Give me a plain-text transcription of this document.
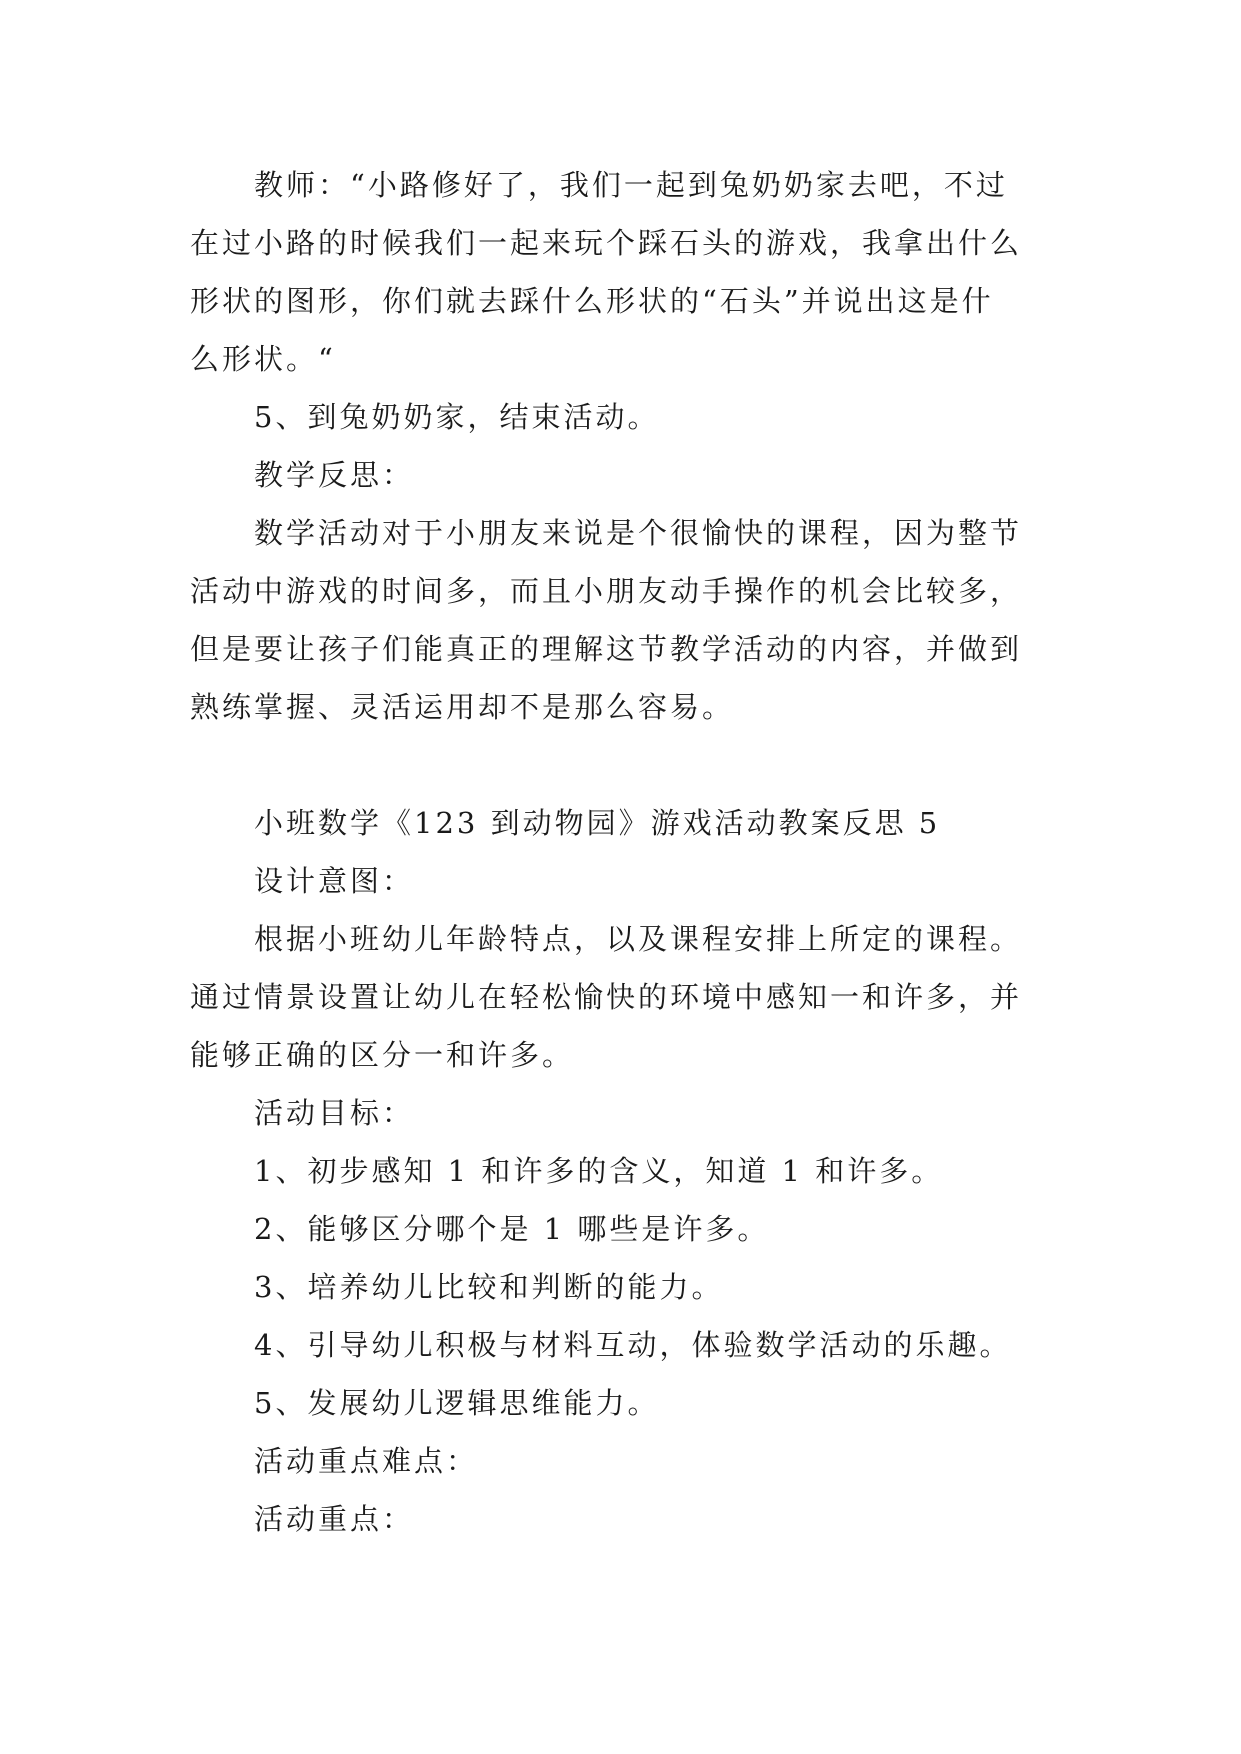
教师：“小路修好了，我们一起到兔奶奶家去吧，不过
在过小路的时候我们一起来玩个踩石头的游戏，我拿出什么
形状的图形，你们就去踩什么形状的“石头”并说出这是什
么形状。“
5、到兔奶奶家，结束活动。
教学反思：
数学活动对于小朋友来说是个很愉快的课程，因为整节
活动中游戏的时间多，而且小朋友动手操作的机会比较多，
但是要让孩子们能真正的理解这节教学活动的内容，并做到
熟练掌握、灵活运用却不是那么容易。
小班数学《123 到动物园》游戏活动教案反思 5
设计意图：
根据小班幼儿年龄特点，以及课程安排上所定的课程。
通过情景设置让幼儿在轻松愉快的环境中感知一和许多，并
能够正确的区分一和许多。
活动目标：
1、初步感知 1 和许多的含义，知道 1 和许多。
2、能够区分哪个是 1 哪些是许多。
3、培养幼儿比较和判断的能力。
4、引导幼儿积极与材料互动，体验数学活动的乐趣。
5、发展幼儿逻辑思维能力。
活动重点难点：
活动重点：
